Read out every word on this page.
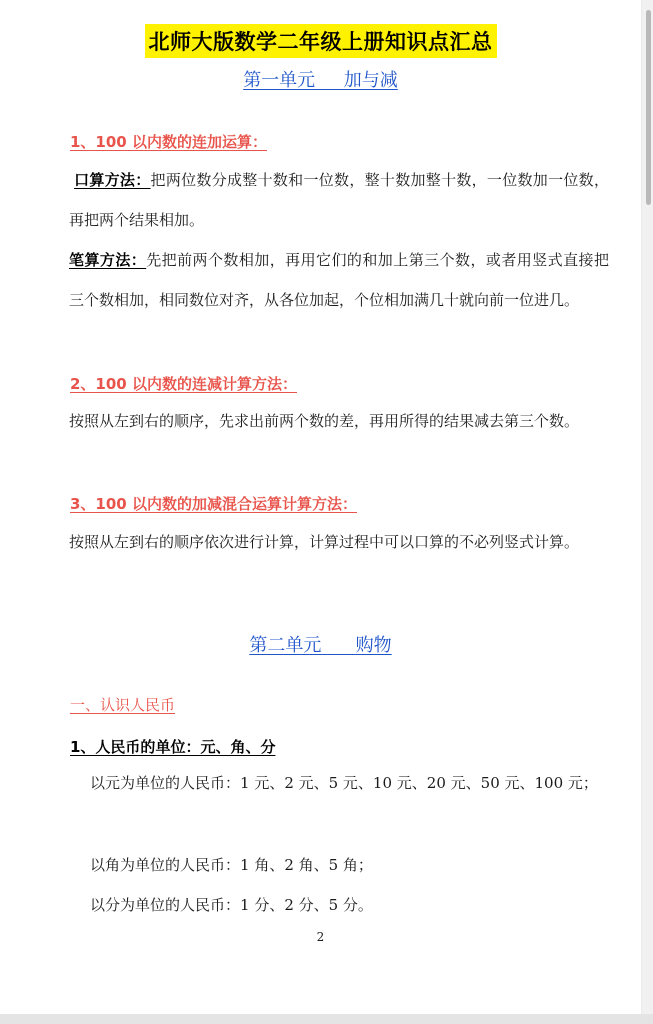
北师大版数学二年级上册知识点汇总
第一单元     加与减
1、100 以内数的连加运算：
口算方法：把两位数分成整十数和一位数，整十数加整十数，一位数加一位数，再把两个结果相加。
笔算方法：先把前两个数相加，再用它们的和加上第三个数，或者用竖式直接把三个数相加，相同数位对齐，从各位加起，个位相加满几十就向前一位进几。
2、100 以内数的连减计算方法：
按照从左到右的顺序，先求出前两个数的差，再用所得的结果减去第三个数。
3、100 以内数的加减混合运算计算方法：
按照从左到右的顺序依次进行计算，计算过程中可以口算的不必列竖式计算。
第二单元      购物
一、认识人民币
1、人民币的单位：元、角、分
以元为单位的人民币：1 元、2 元、5 元、10 元、20 元、50 元、100 元；
以角为单位的人民币：1 角、2 角、5 角；
以分为单位的人民币：1 分、2 分、5 分。
2
